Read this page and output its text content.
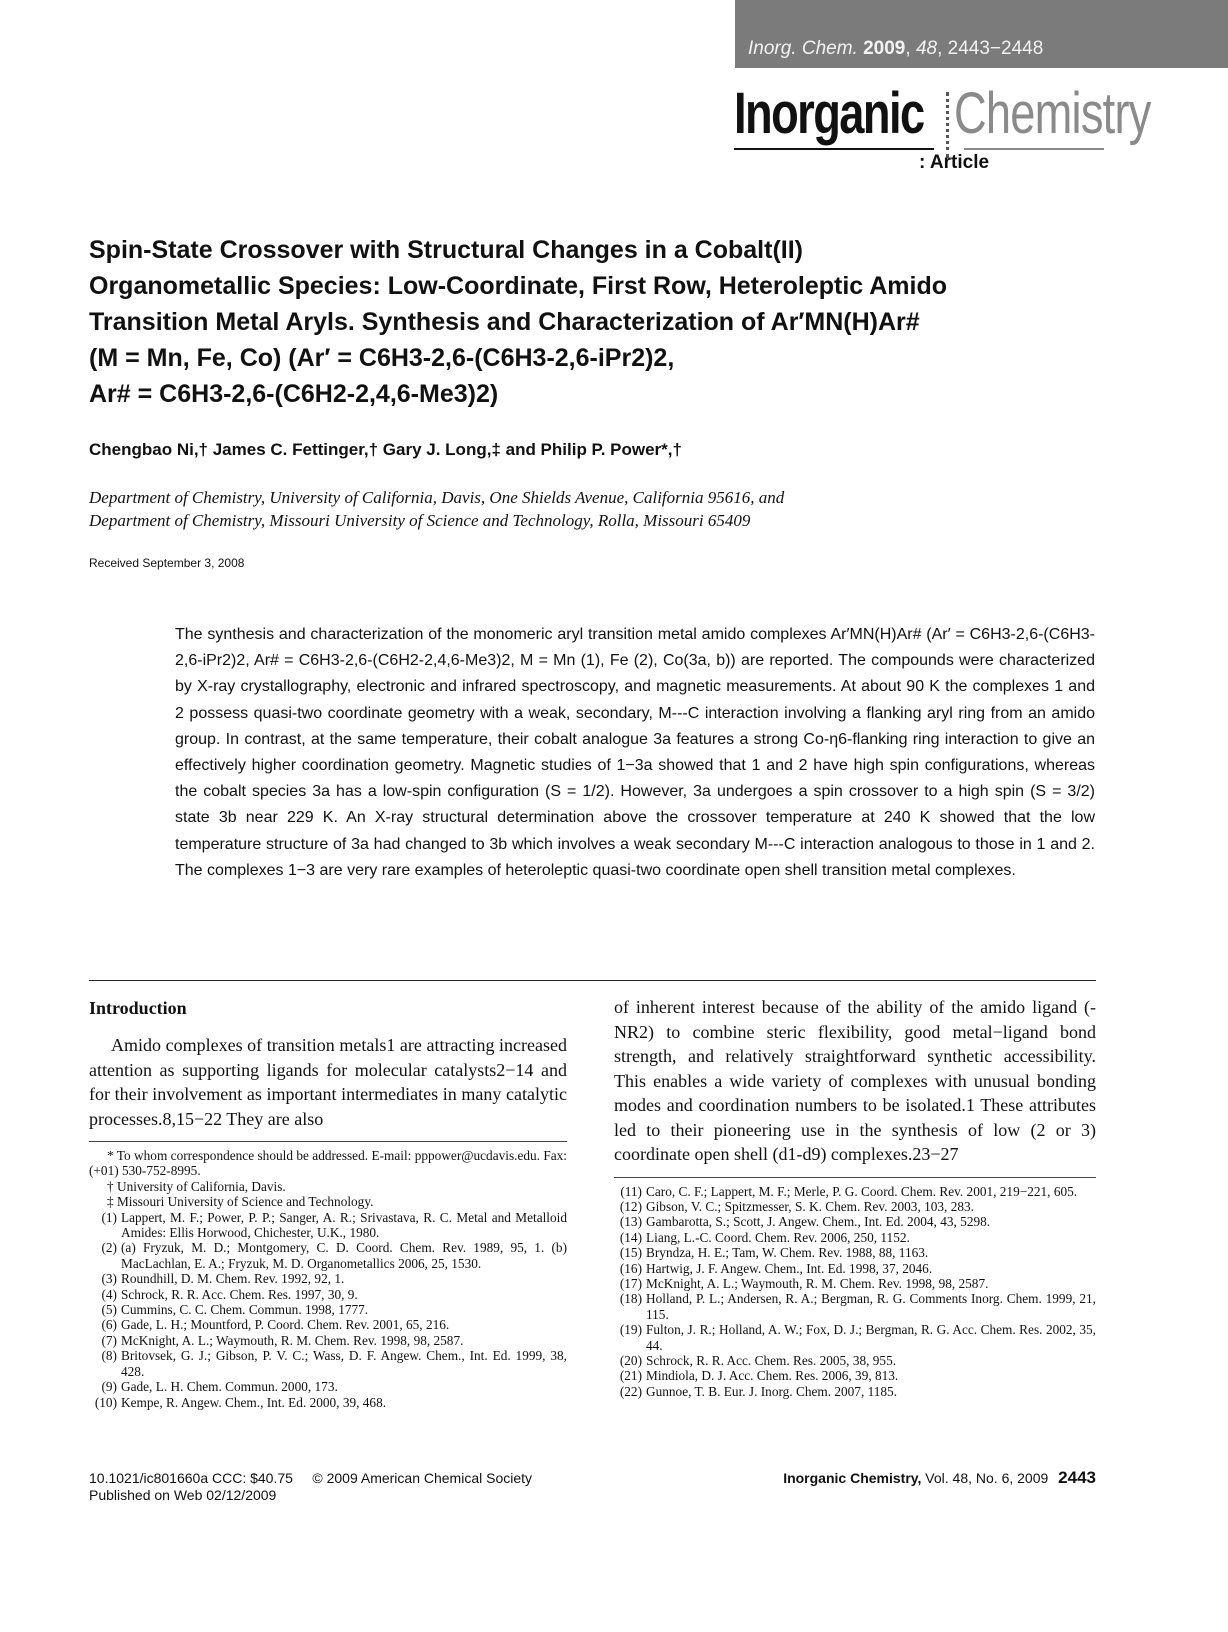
Inorg. Chem. 2009, 48, 2443−2448
Inorganic Chemistry
: Article
Spin-State Crossover with Structural Changes in a Cobalt(II)
Organometallic Species: Low-Coordinate, First Row, Heteroleptic Amido
Transition Metal Aryls. Synthesis and Characterization of Ar′MN(H)Ar#
(M = Mn, Fe, Co) (Ar′ = C6H3-2,6-(C6H3-2,6-iPr2)2,
Ar# = C6H3-2,6-(C6H2-2,4,6-Me3)2)
Chengbao Ni,† James C. Fettinger,† Gary J. Long,‡ and Philip P. Power*,†
Department of Chemistry, University of California, Davis, One Shields Avenue, California 95616, and
Department of Chemistry, Missouri University of Science and Technology, Rolla, Missouri 65409
Received September 3, 2008
The synthesis and characterization of the monomeric aryl transition metal amido complexes Ar′MN(H)Ar# (Ar′ = C6H3-2,6-(C6H3-2,6-iPr2)2, Ar# = C6H3-2,6-(C6H2-2,4,6-Me3)2, M = Mn (1), Fe (2), Co(3a, b)) are reported. The compounds were characterized by X-ray crystallography, electronic and infrared spectroscopy, and magnetic measurements. At about 90 K the complexes 1 and 2 possess quasi-two coordinate geometry with a weak, secondary, M---C interaction involving a flanking aryl ring from an amido group. In contrast, at the same temperature, their cobalt analogue 3a features a strong Co-η6-flanking ring interaction to give an effectively higher coordination geometry. Magnetic studies of 1−3a showed that 1 and 2 have high spin configurations, whereas the cobalt species 3a has a low-spin configuration (S = 1/2). However, 3a undergoes a spin crossover to a high spin (S = 3/2) state 3b near 229 K. An X-ray structural determination above the crossover temperature at 240 K showed that the low temperature structure of 3a had changed to 3b which involves a weak secondary M---C interaction analogous to those in 1 and 2. The complexes 1−3 are very rare examples of heteroleptic quasi-two coordinate open shell transition metal complexes.
Introduction

Amido complexes of transition metals1 are attracting increased attention as supporting ligands for molecular catalysts2−14 and for their involvement as important intermediates in many catalytic processes.8,15−22 They are also

* To whom correspondence should be addressed. E-mail: pppower@ucdavis.edu. Fax: (+01) 530-752-8995.
† University of California, Davis.
‡ Missouri University of Science and Technology.
(1) Lappert, M. F.; Power, P. P.; Sanger, A. R.; Srivastava, R. C. Metal and Metalloid Amides: Ellis Horwood, Chichester, U.K., 1980.
(2) (a) Fryzuk, M. D.; Montgomery, C. D. Coord. Chem. Rev. 1989, 95, 1. (b) MacLachlan, E. A.; Fryzuk, M. D. Organometallics 2006, 25, 1530.
(3) Roundhill, D. M. Chem. Rev. 1992, 92, 1.
(4) Schrock, R. R. Acc. Chem. Res. 1997, 30, 9.
(5) Cummins, C. C. Chem. Commun. 1998, 1777.
(6) Gade, L. H.; Mountford, P. Coord. Chem. Rev. 2001, 65, 216.
(7) McKnight, A. L.; Waymouth, R. M. Chem. Rev. 1998, 98, 2587.
(8) Britovsek, G. J.; Gibson, P. V. C.; Wass, D. F. Angew. Chem., Int. Ed. 1999, 38, 428.
(9) Gade, L. H. Chem. Commun. 2000, 173.
(10) Kempe, R. Angew. Chem., Int. Ed. 2000, 39, 468.

of inherent interest because of the ability of the amido ligand (-NR2) to combine steric flexibility, good metal−ligand bond strength, and relatively straightforward synthetic accessibility. This enables a wide variety of complexes with unusual bonding modes and coordination numbers to be isolated.1 These attributes led to their pioneering use in the synthesis of low (2 or 3) coordinate open shell (d1-d9) complexes.23−27

(11) Caro, C. F.; Lappert, M. F.; Merle, P. G. Coord. Chem. Rev. 2001, 219−221, 605.
(12) Gibson, V. C.; Spitzmesser, S. K. Chem. Rev. 2003, 103, 283.
(13) Gambarotta, S.; Scott, J. Angew. Chem., Int. Ed. 2004, 43, 5298.
(14) Liang, L.-C. Coord. Chem. Rev. 2006, 250, 1152.
(15) Bryndza, H. E.; Tam, W. Chem. Rev. 1988, 88, 1163.
(16) Hartwig, J. F. Angew. Chem., Int. Ed. 1998, 37, 2046.
(17) McKnight, A. L.; Waymouth, R. M. Chem. Rev. 1998, 98, 2587.
(18) Holland, P. L.; Andersen, R. A.; Bergman, R. G. Comments Inorg. Chem. 1999, 21, 115.
(19) Fulton, J. R.; Holland, A. W.; Fox, D. J.; Bergman, R. G. Acc. Chem. Res. 2002, 35, 44.
(20) Schrock, R. R. Acc. Chem. Res. 2005, 38, 955.
(21) Mindiola, D. J. Acc. Chem. Res. 2006, 39, 813.
(22) Gunnoe, T. B. Eur. J. Inorg. Chem. 2007, 1185.
10.1021/ic801660a CCC: $40.75 © 2009 American Chemical Society
Published on Web 02/12/2009
Inorganic Chemistry, Vol. 48, No. 6, 2009 2443
